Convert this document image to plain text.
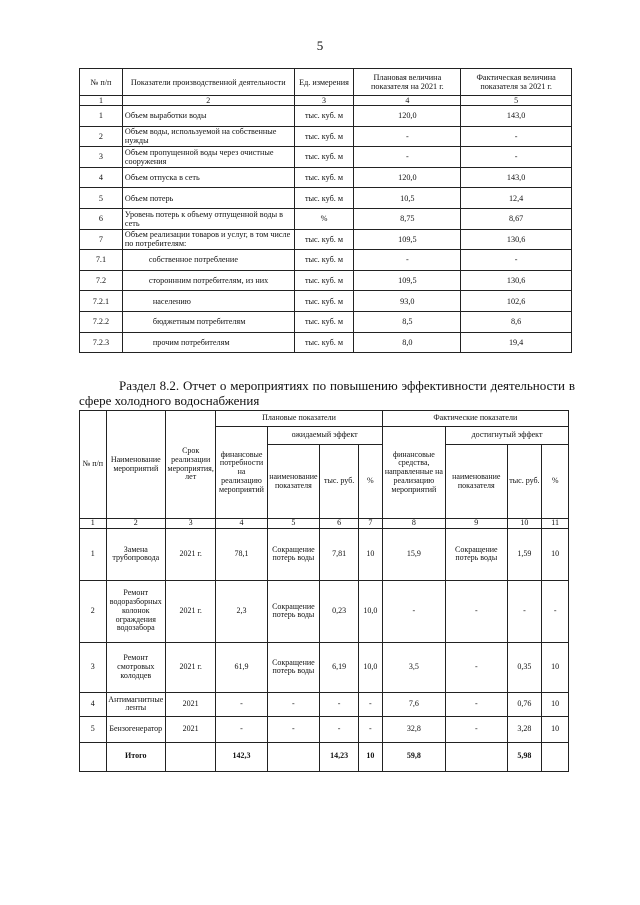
5
№ п/п	Показатели производственной деятельности	Ед. измерения	Плановая величина показателя на 2021 г.	Фактическая величина показателя за 2021 г.
1	2	3	4	5
1	Объем выработки воды	тыс. куб. м	120,0	143,0
2	Объем воды, используемой на собственные нужды	тыс. куб. м	-	-
3	Объем пропущенной воды через очистные сооружения	тыс. куб. м	-	-
4	Объем отпуска в сеть	тыс. куб. м	120,0	143,0
5	Объем потерь	тыс. куб. м	10,5	12,4
6	Уровень потерь к объему отпущенной воды в сеть	%	8,75	8,67
7	Объем реализации товаров и услуг, в том числе по потребителям:	тыс. куб. м	109,5	130,6
7.1	собственное потребление	тыс. куб. м	-	-
7.2	стороннним потребителям, из них	тыс. куб. м	109,5	130,6
7.2.1	населению	тыс. куб. м	93,0	102,6
7.2.2	бюджетным потребителям	тыс. куб. м	8,5	8,6
7.2.3	прочим потребителям	тыс. куб. м	8,0	19,4
Раздел 8.2. Отчет о мероприятиях по повышению эффективности деятельности в сфере холодного водоснабжения
№ п/п	Наименование мероприятий	Срок реализации мероприятия, лет	Плановые показатели				Фактические показатели			
			финансовые потребности на реализацию мероприятий	ожидаемый эффект			финансовые средства, направленные на реализацию мероприятий	достигнутый эффект		
				наименование показателя	тыс. руб.	%		наименование показателя	тыс. руб.	%
1	2	3	4	5	6	7	8	9	10	11
1	Замена трубопровода	2021 г.	78,1	Сокращение потерь воды	7,81	10	15,9	Сокращение потерь воды	1,59	10
2	Ремонт водоразборных колонок ограждения водозабора	2021 г.	2,3	Сокращение потерь воды	0,23	10,0	-	-	-	-
3	Ремонт смотровых колодцев	2021 г.	61,9	Сокращение потерь воды	6,19	10,0	3,5	-	0,35	10
4	Антимагнитные ленты	2021	-	-	-	-	7,6	-	0,76	10
5	Бензогенератор	2021	-	-	-	-	32,8	-	3,28	10
	Итого		142,3		14,23	10	59,8		5,98	
